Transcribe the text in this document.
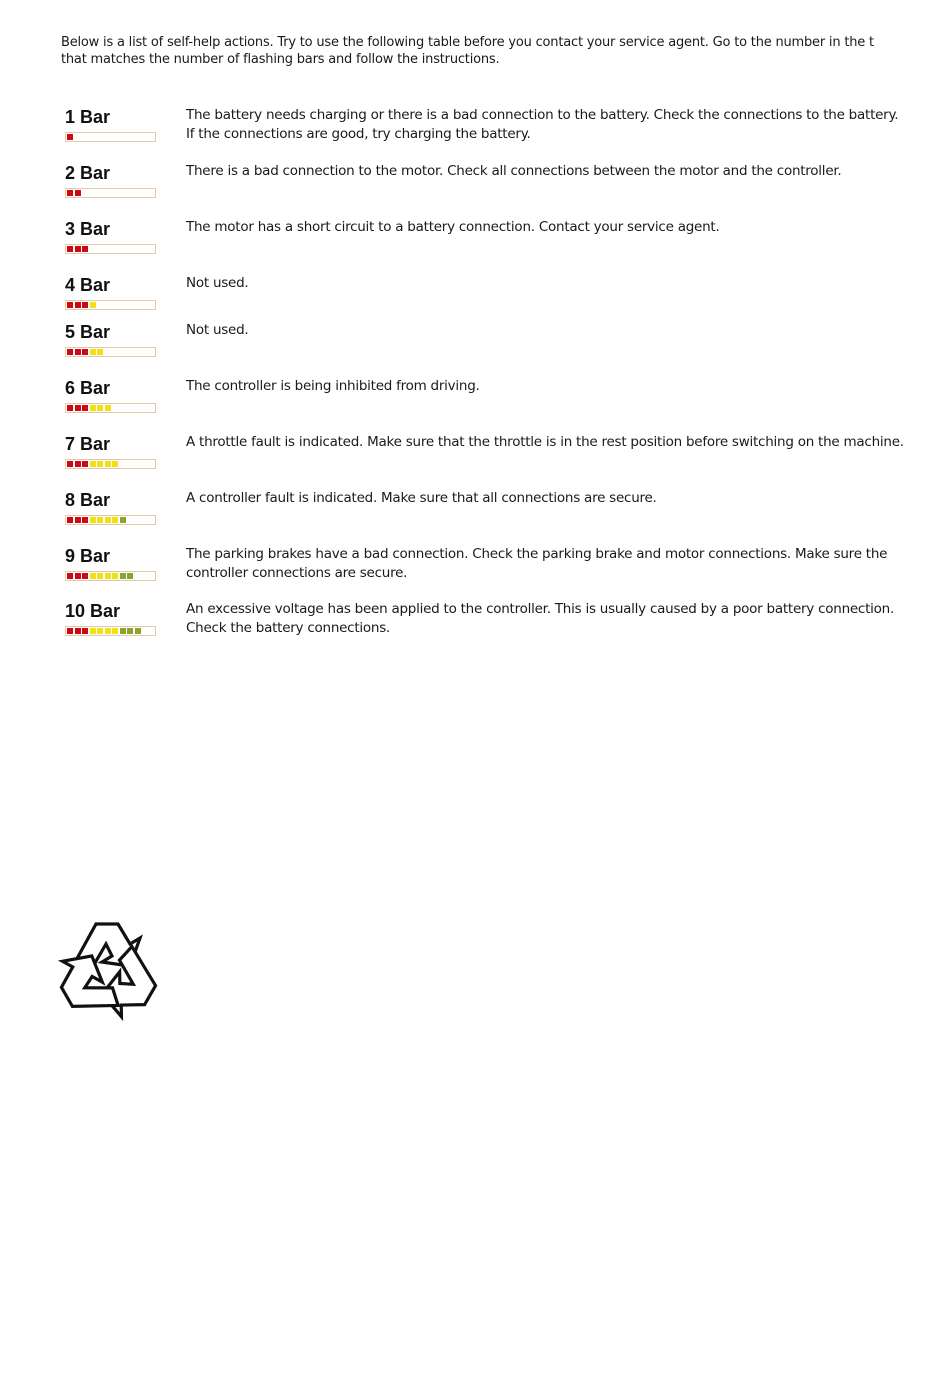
Below is a list of self-help actions. Try to use the following table before you contact your service agent. Go to the number in the t
that matches the number of flashing bars and follow the instructions.
1 Bar	The battery needs charging or there is a bad connection to the battery. Check the connections to the battery. If the connections are good, try charging the battery.
2 Bar	There is a bad connection to the motor. Check all connections between the motor and the controller.
3 Bar	The motor has a short circuit to a battery connection. Contact your service agent.
4 Bar	Not used.
5 Bar	Not used.
6 Bar	The controller is being inhibited from driving.
7 Bar	A throttle fault is indicated. Make sure that the throttle is in the rest position before switching on the machine.
8 Bar	A controller fault is indicated. Make sure that all connections are secure.
9 Bar	The parking brakes have a bad connection. Check the parking brake and motor connections. Make sure the controller connections are secure.
10 Bar	An excessive voltage has been applied to the controller. This is usually caused by a poor battery connection. Check the battery connections.
